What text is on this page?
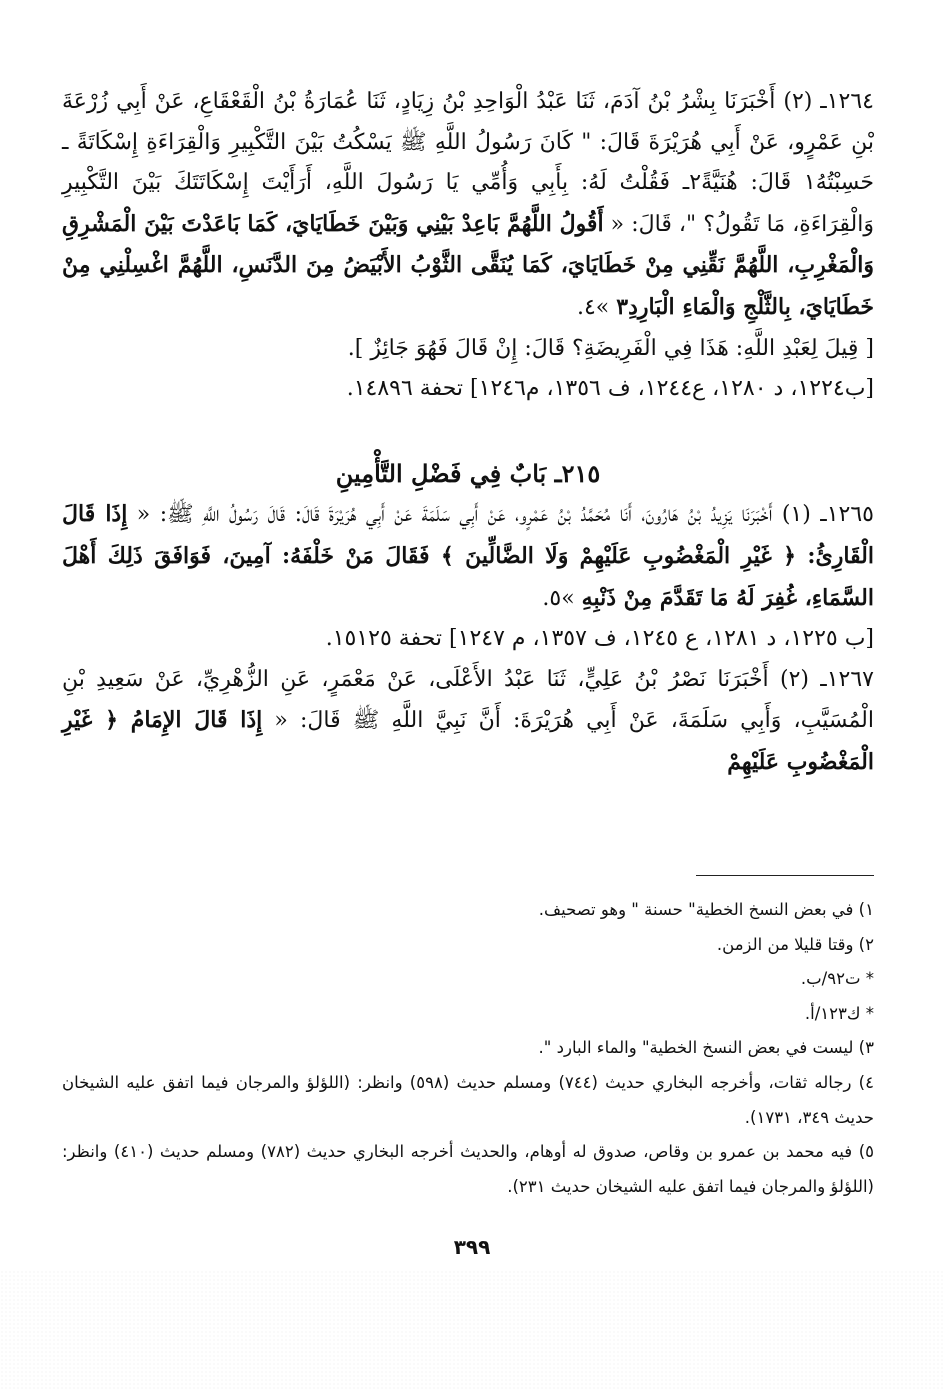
١٢٦٤ـ (٢) أَخْبَرَنَا بِشْرُ بْنُ آدَمَ، ثَنَا عَبْدُ الْوَاحِدِ بْنُ زِيَادٍ، ثَنَا عُمَارَةُ بْنُ الْقَعْقَاعِ، عَنْ أَبِي زُرْعَةَ بْنِ عَمْرٍو، عَنْ أَبِي هُرَيْرَةَ قَالَ: " كَانَ رَسُولُ اللَّهِ ﷺ يَسْكُتُ بَيْنَ التَّكْبِيرِ وَالْقِرَاءَةِ إِسْكَاتَةً ـ حَسِبْتُهُ١ قَالَ: هُنَيَّةً٢ـ فَقُلْتُ لَهُ: بِأَبِي وَأُمِّي يَا رَسُولَ اللَّهِ، أَرَأَيْتَ إِسْكَاتَتَكَ بَيْنَ التَّكْبِيرِ وَالْقِرَاءَةِ، مَا تَقُولُ؟ "، قَالَ: « أَقُولُ اللَّهُمَّ بَاعِدْ بَيْنِي وَبَيْنَ خَطَايَايَ، كَمَا بَاعَدْتَ بَيْنَ الْمَشْرِقِ وَالْمَغْرِبِ، اللَّهُمَّ نَقِّنِي مِنْ خَطَايَايَ، كَمَا يُنَقَّى الثَّوْبُ الأَبْيَضُ مِنَ الدَّنَسِ، اللَّهُمَّ اغْسِلْنِي مِنْ خَطَايَايَ، بِالثَّلْجِ وَالْمَاءِ الْبَارِدِ٣ »٤.

[ قِيلَ لِعَبْدِ اللَّهِ: هَذَا فِي الْفَرِيضَةِ؟ قَالَ: إِنْ قَالَ فَهُوَ جَائِزٌ ].

[ب١٢٢٤، د ١٢٨٠، ع١٢٤٤، ف ١٣٥٦، م١٢٤٦] تحفة ١٤٨٩٦.

٢١٥ـ بَابٌ فِي فَضْلِ التَّأْمِينِ

١٢٦٥ـ (١) أَخْبَرَنَا يَزِيدُ بْنُ هَارُونَ، أَنَا مُحَمَّدُ بْنُ عَمْرٍو، عَنْ أَبِي سَلَمَةَ عَنْ أَبِي هُرَيْرَةَ قَالَ: قَالَ رَسُولُ اللَّهِ ﷺ: « إِذَا قَالَ الْقَارِئُ: ﴿ غَيْرِ الْمَغْضُوبِ عَلَيْهِمْ وَلَا الضَّالِّينَ ﴾ فَقَالَ مَنْ خَلْفَهُ: آمِينَ، فَوَافَقَ ذَلِكَ أَهْلَ السَّمَاءِ، غُفِرَ لَهُ مَا تَقَدَّمَ مِنْ ذَنْبِهِ »٥.

[ب ١٢٢٥، د ١٢٨١، ع ١٢٤٥، ف ١٣٥٧، م ١٢٤٧] تحفة ١٥١٢٥.

١٢٦٧ـ (٢) أَخْبَرَنَا نَصْرُ بْنُ عَلِيٍّ، ثَنَا عَبْدُ الأَعْلَى، عَنْ مَعْمَرٍ، عَنِ الزُّهْرِيِّ، عَنْ سَعِيدِ بْنِ الْمُسَيَّبِ، وَأَبِي سَلَمَةَ، عَنْ أَبِي هُرَيْرَةَ: أَنَّ نَبِيَّ اللَّهِ ﷺ قَالَ: « إِذَا قَالَ الإِمَامُ ﴿ غَيْرِ الْمَغْضُوبِ عَلَيْهِمْ

١) في بعض النسخ الخطية" حسنة " وهو تصحيف.

٢) وقتا قليلا من الزمن.

* ت٩٢/ب.

* ك١٢٣/أ.

٣) ليست في بعض النسخ الخطية" والماء البارد ".

٤) رجاله ثقات، وأخرجه البخاري حديث (٧٤٤) ومسلم حديث (٥٩٨) وانظر: (اللؤلؤ والمرجان فيما اتفق عليه الشيخان حديث ٣٤٩، ١٧٣١).

٥) فيه محمد بن عمرو بن وقاص، صدوق له أوهام، والحديث أخرجه البخاري حديث (٧٨٢) ومسلم حديث (٤١٠) وانظر: (اللؤلؤ والمرجان فيما اتفق عليه الشيخان حديث ٢٣١).

٣٩٩
